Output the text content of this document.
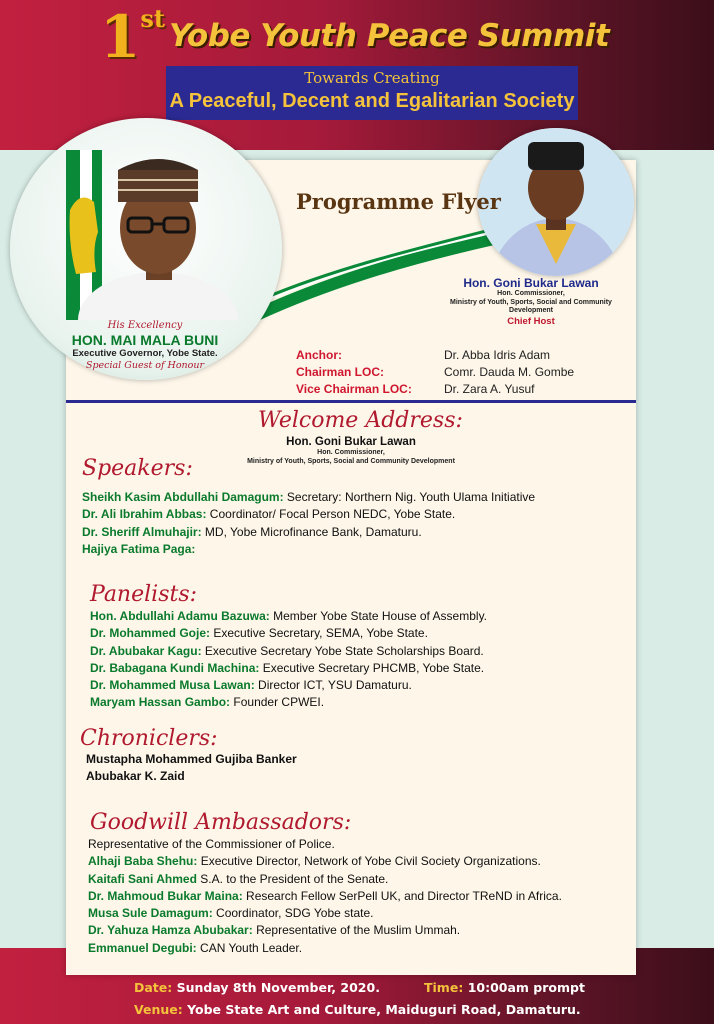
1st Yobe Youth Peace Summit
Towards Creating
A Peaceful, Decent and Egalitarian Society
His Excellency
HON. MAI MALA BUNI
Executive Governor, Yobe State.
Special Guest of Honour
Programme Flyer
Hon. Goni Bukar Lawan
Hon. Commissioner,
Ministry of Youth, Sports, Social and Community Development
Chief Host
Anchor:	Dr. Abba Idris Adam
Chairman LOC:	Comr. Dauda M. Gombe
Vice Chairman LOC:	Dr. Zara A. Yusuf
Welcome Address:
Hon. Goni Bukar Lawan
Hon. Commissioner,
Ministry of Youth, Sports, Social and Community Development
Speakers:
Sheikh Kasim Abdullahi Damagum: Secretary: Northern Nig. Youth Ulama Initiative
Dr. Ali Ibrahim Abbas: Coordinator/ Focal Person NEDC, Yobe State.
Dr. Sheriff Almuhajir: MD, Yobe Microfinance Bank, Damaturu.
Hajiya Fatima Paga:
Panelists:
Hon. Abdullahi Adamu Bazuwa: Member Yobe State House of Assembly.
Dr. Mohammed Goje: Executive Secretary, SEMA, Yobe State.
Dr. Abubakar Kagu: Executive Secretary Yobe State Scholarships Board.
Dr. Babagana Kundi Machina: Executive Secretary PHCMB, Yobe State.
Dr. Mohammed Musa Lawan: Director ICT, YSU Damaturu.
Maryam Hassan Gambo: Founder CPWEI.
Chroniclers:
Mustapha Mohammed Gujiba Banker
Abubakar K. Zaid
Goodwill Ambassadors:
Representative of the Commissioner of Police.
Alhaji Baba Shehu: Executive Director, Network of Yobe Civil Society Organizations.
Kaitafi Sani Ahmed S.A. to the President of the Senate.
Dr. Mahmoud Bukar Maina: Research Fellow SerPell UK, and Director TReND in Africa.
Musa Sule Damagum: Coordinator, SDG Yobe state.
Dr. Yahuza Hamza Abubakar: Representative of the Muslim Ummah.
Emmanuel Degubi: CAN Youth Leader.
Date: Sunday 8th November, 2020.	Time: 10:00am prompt
Venue: Yobe State Art and Culture, Maiduguri Road, Damaturu.
